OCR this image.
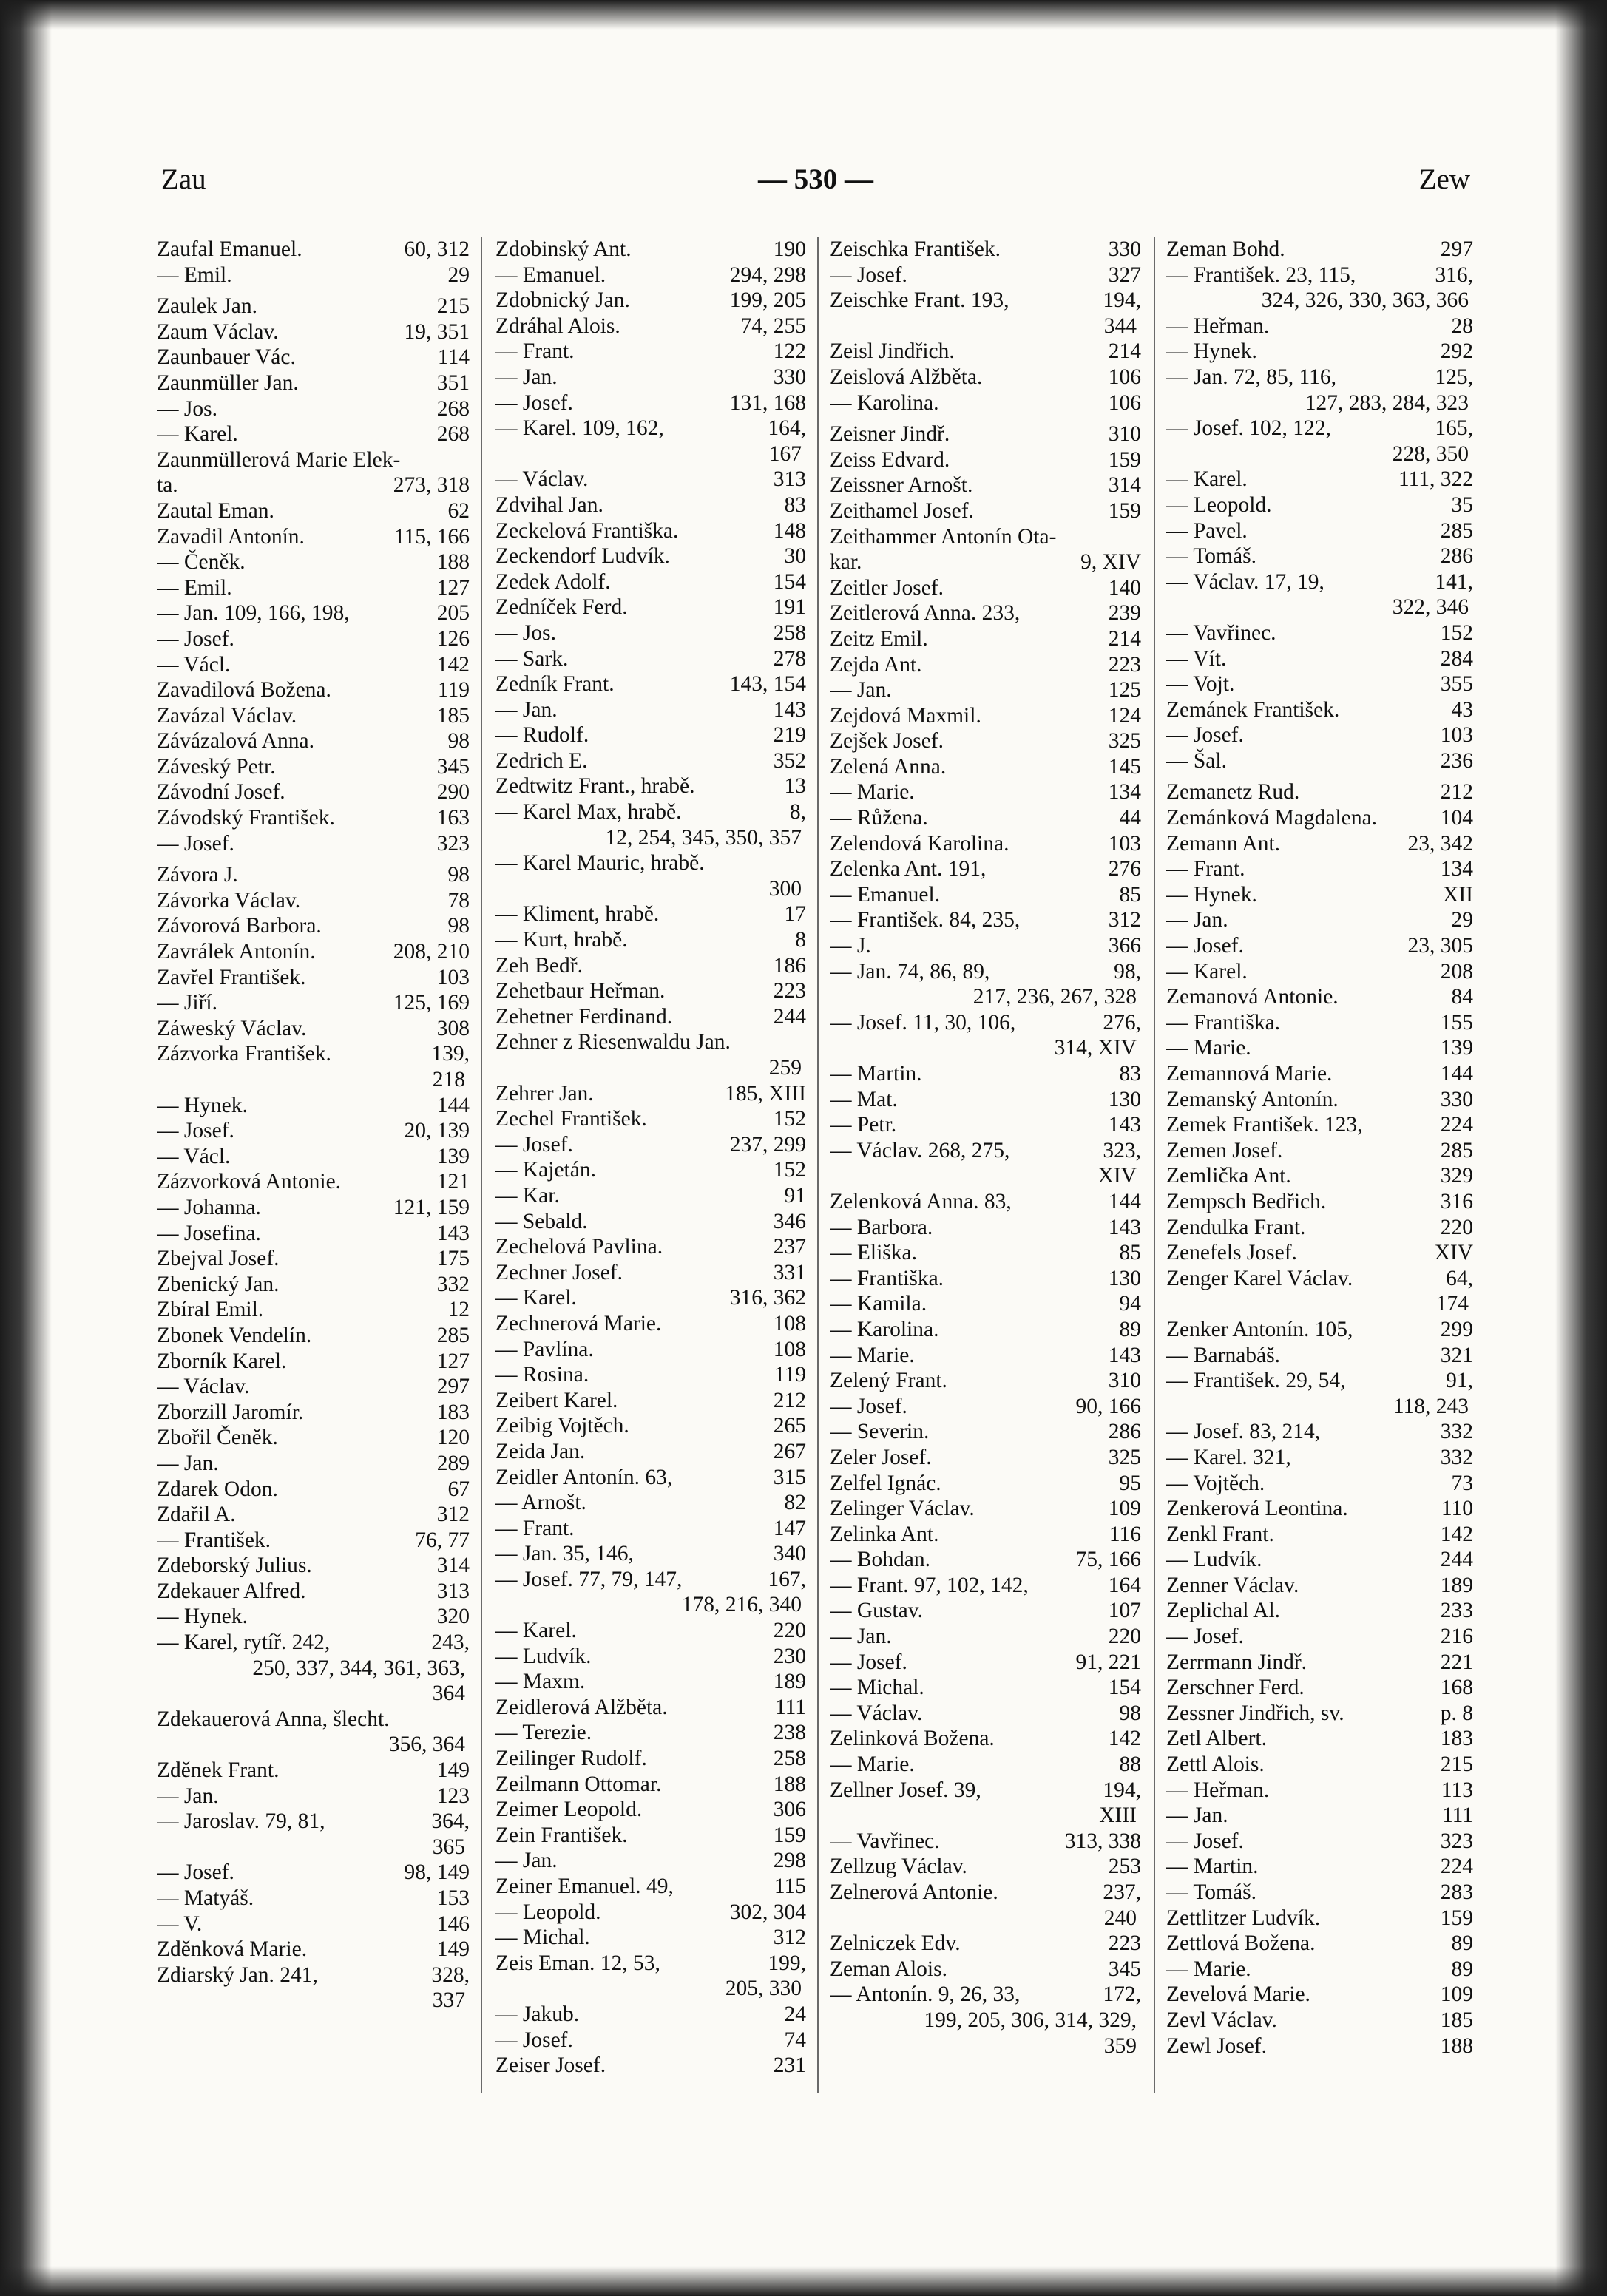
Zau	— 530 —	Zew
Zaufal Emanuel.	60, 312
— Emil.	29
Zaulek Jan.	215
Zaum Václav.	19, 351
Zaunbauer Vác.	114
Zaunmüller Jan.	351
— Jos.	268
— Karel.	268
Zaunmüllerová Marie Elek-
ta.	273, 318
Zautal Eman.	62
Zavadil Antonín.	115, 166
— Čeněk.	188
— Emil.	127
— Jan. 109, 166, 198,	205
— Josef.	126
— Václ.	142
Zavadilová Božena.	119
Zavázal Václav.	185
Závázalová Anna.	98
Záveský Petr.	345
Závodní Josef.	290
Závodský František.	163
— Josef.	323
Závora J.	98
Závorka Václav.	78
Závorová Barbora.	98
Zavrálek Antonín.	208, 210
Zavřel František.	103
— Jiří.	125, 169
Záweský Václav.	308
Zázvorka František.	139,
218
— Hynek.	144
— Josef.	20, 139
— Václ.	139
Zázvorková Antonie.	121
— Johanna.	121, 159
— Josefina.	143
Zbejval Josef.	175
Zbenický Jan.	332
Zbíral Emil.	12
Zbonek Vendelín.	285
Zborník Karel.	127
— Václav.	297
Zborzill Jaromír.	183
Zbořil Čeněk.	120
— Jan.	289
Zdarek Odon.	67
Zdařil A.	312
— František.	76, 77
Zdeborský Julius.	314
Zdekauer Alfred.	313
— Hynek.	320
— Karel, rytíř. 242,	243,
250, 337, 344, 361, 363,
364
Zdekauerová Anna, šlecht.
356, 364
Zděnek Frant.	149
— Jan.	123
— Jaroslav. 79, 81,	364,
365
— Josef.	98, 149
— Matyáš.	153
— V.	146
Zděnková Marie.	149
Zdiarský Jan. 241,	328,
337
Zdobinský Ant.	190
— Emanuel.	294, 298
Zdobnický Jan.	199, 205
Zdráhal Alois.	74, 255
— Frant.	122
— Jan.	330
— Josef.	131, 168
— Karel. 109, 162,	164,
167
— Václav.	313
Zdvihal Jan.	83
Zeckelová Františka.	148
Zeckendorf Ludvík.	30
Zedek Adolf.	154
Zedníček Ferd.	191
— Jos.	258
— Sark.	278
Zedník Frant.	143, 154
— Jan.	143
— Rudolf.	219
Zedrich E.	352
Zedtwitz Frant., hrabě.	13
— Karel Max, hrabě.	8,
12, 254, 345, 350, 357
— Karel Mauric, hrabě.
300
— Kliment, hrabě.	17
— Kurt, hrabě.	8
Zeh Bedř.	186
Zehetbaur Heřman.	223
Zehetner Ferdinand.	244
Zehner z Riesenwaldu Jan.
259
Zehrer Jan.	185, XIII
Zechel František.	152
— Josef.	237, 299
— Kajetán.	152
— Kar.	91
— Sebald.	346
Zechelová Pavlina.	237
Zechner Josef.	331
— Karel.	316, 362
Zechnerová Marie.	108
— Pavlína.	108
— Rosina.	119
Zeibert Karel.	212
Zeibig Vojtěch.	265
Zeida Jan.	267
Zeidler Antonín. 63,	315
— Arnošt.	82
— Frant.	147
— Jan. 35, 146,	340
— Josef. 77, 79, 147,	167,
178, 216, 340
— Karel.	220
— Ludvík.	230
— Maxm.	189
Zeidlerová Alžběta.	111
— Terezie.	238
Zeilinger Rudolf.	258
Zeilmann Ottomar.	188
Zeimer Leopold.	306
Zein František.	159
— Jan.	298
Zeiner Emanuel. 49,	115
— Leopold.	302, 304
— Michal.	312
Zeis Eman. 12, 53,	199,
205, 330
— Jakub.	24
— Josef.	74
Zeiser Josef.	231
Zeischka František.	330
— Josef.	327
Zeischke Frant. 193,	194,
344
Zeisl Jindřich.	214
Zeislová Alžběta.	106
— Karolina.	106
Zeisner Jindř.	310
Zeiss Edvard.	159
Zeissner Arnošt.	314
Zeithamel Josef.	159
Zeithammer Antonín Ota-
kar.	9, XIV
Zeitler Josef.	140
Zeitlerová Anna. 233,	239
Zeitz Emil.	214
Zejda Ant.	223
— Jan.	125
Zejdová Maxmil.	124
Zejšek Josef.	325
Zelená Anna.	145
— Marie.	134
— Růžena.	44
Zelendová Karolina.	103
Zelenka Ant. 191,	276
— Emanuel.	85
— František. 84, 235,	312
— J.	366
— Jan. 74, 86, 89,	98,
217, 236, 267, 328
— Josef. 11, 30, 106,	276,
314, XIV
— Martin.	83
— Mat.	130
— Petr.	143
— Václav. 268, 275,	323,
XIV
Zelenková Anna. 83,	144
— Barbora.	143
— Eliška.	85
— Františka.	130
— Kamila.	94
— Karolina.	89
— Marie.	143
Zelený Frant.	310
— Josef.	90, 166
— Severin.	286
Zeler Josef.	325
Zelfel Ignác.	95
Zelinger Václav.	109
Zelinka Ant.	116
— Bohdan.	75, 166
— Frant. 97, 102, 142,	164
— Gustav.	107
— Jan.	220
— Josef.	91, 221
— Michal.	154
— Václav.	98
Zelinková Božena.	142
— Marie.	88
Zellner Josef. 39,	194,
XIII
— Vavřinec.	313, 338
Zellzug Václav.	253
Zelnerová Antonie.	237,
240
Zelniczek Edv.	223
Zeman Alois.	345
— Antonín. 9, 26, 33,	172,
199, 205, 306, 314, 329,
359
Zeman Bohd.	297
— František. 23, 115,	316,
324, 326, 330, 363, 366
— Heřman.	28
— Hynek.	292
— Jan. 72, 85, 116,	125,
127, 283, 284, 323
— Josef. 102, 122,	165,
228, 350
— Karel.	111, 322
— Leopold.	35
— Pavel.	285
— Tomáš.	286
— Václav. 17, 19,	141,
322, 346
— Vavřinec.	152
— Vít.	284
— Vojt.	355
Zemánek František.	43
— Josef.	103
— Šal.	236
Zemanetz Rud.	212
Zemánková Magdalena.	104
Zemann Ant.	23, 342
— Frant.	134
— Hynek.	XII
— Jan.	29
— Josef.	23, 305
— Karel.	208
Zemanová Antonie.	84
— Františka.	155
— Marie.	139
Zemannová Marie.	144
Zemanský Antonín.	330
Zemek František. 123,	224
Zemen Josef.	285
Zemlička Ant.	329
Zempsch Bedřich.	316
Zendulka Frant.	220
Zenefels Josef.	XIV
Zenger Karel Václav.	64,
174
Zenker Antonín. 105,	299
— Barnabáš.	321
— František. 29, 54,	91,
118, 243
— Josef. 83, 214,	332
— Karel. 321,	332
— Vojtěch.	73
Zenkerová Leontina.	110
Zenkl Frant.	142
— Ludvík.	244
Zenner Václav.	189
Zeplichal Al.	233
— Josef.	216
Zerrmann Jindř.	221
Zerschner Ferd.	168
Zessner Jindřich, sv.	p. 8
Zetl Albert.	183
Zettl Alois.	215
— Heřman.	113
— Jan.	111
— Josef.	323
— Martin.	224
— Tomáš.	283
Zettlitzer Ludvík.	159
Zettlová Božena.	89
— Marie.	89
Zevelová Marie.	109
Zevl Václav.	185
Zewl Josef.	188
